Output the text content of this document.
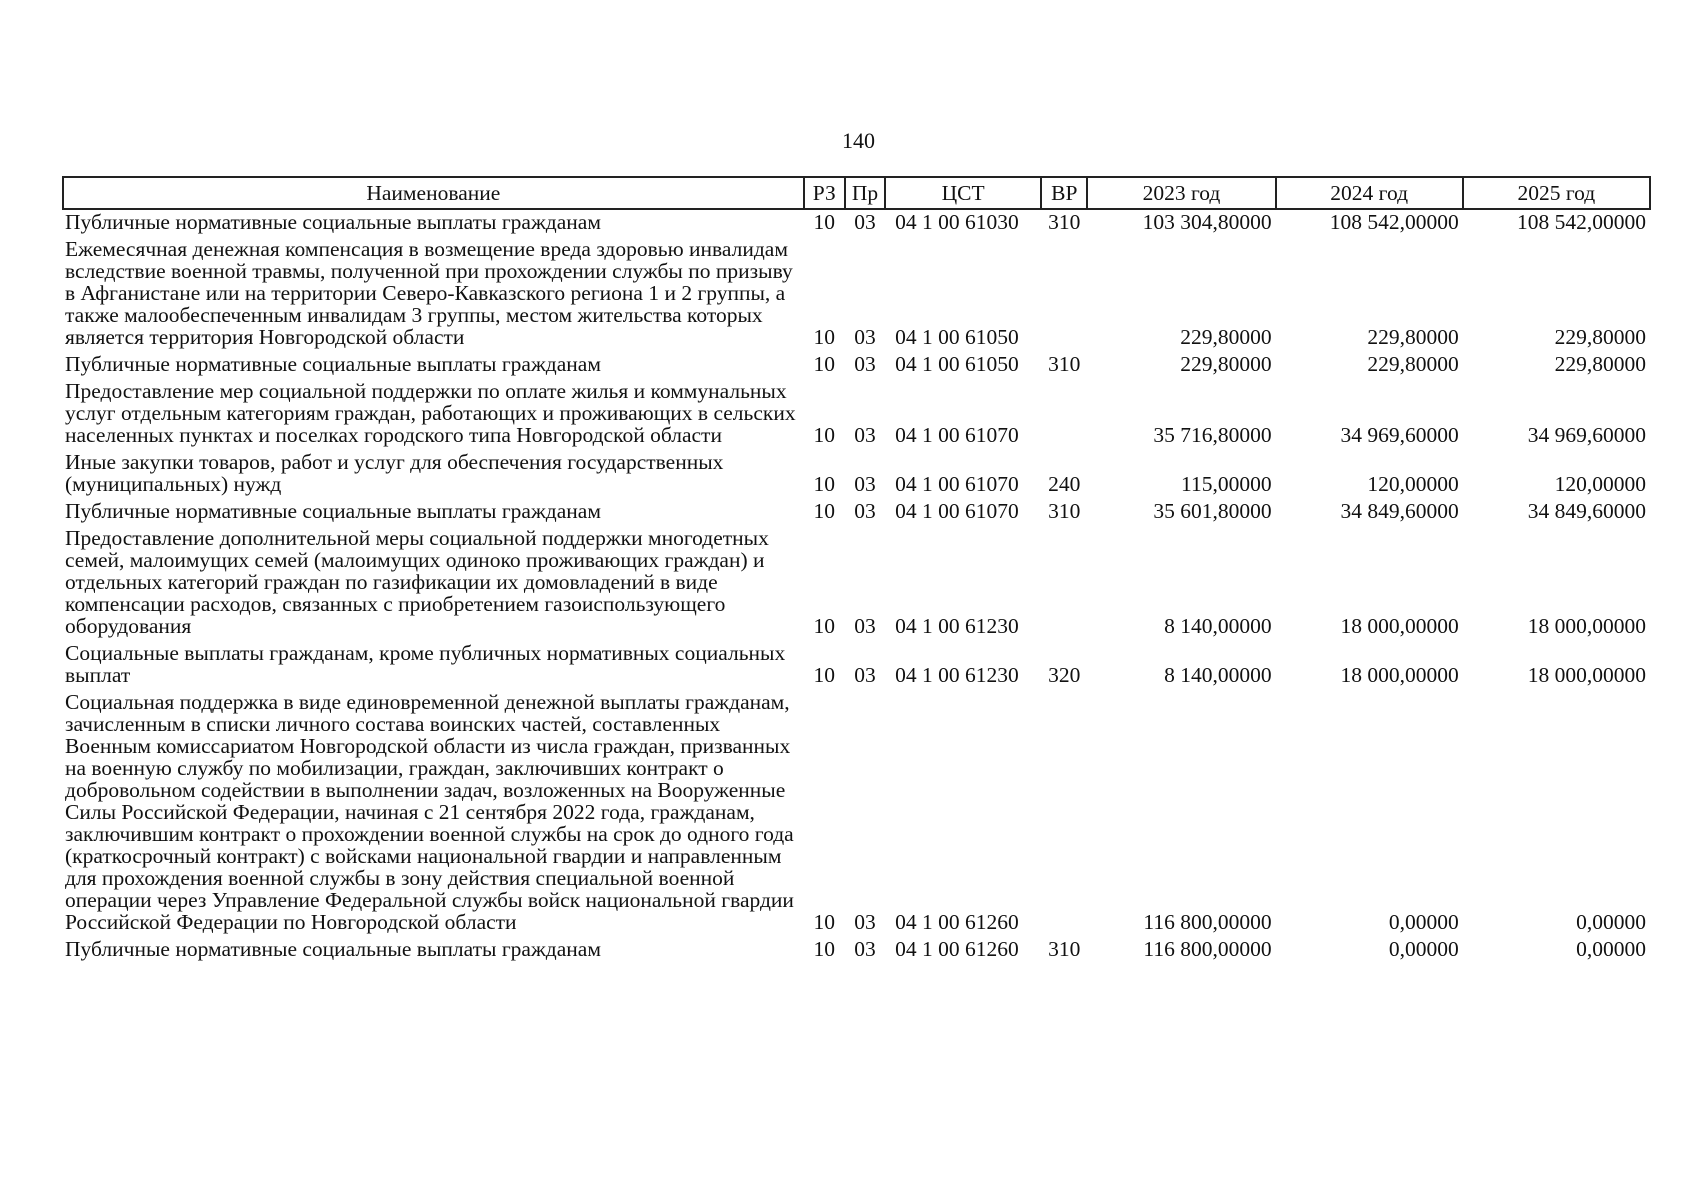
140
Наименование	РЗ	Пр	ЦСТ	ВР	2023 год	2024 год	2025 год
Публичные нормативные социальные выплаты гражданам	10	03	04 1 00 61030	310	103 304,80000	108 542,00000	108 542,00000
Ежемесячная денежная компенсация в возмещение вреда здоровью инвалидам вследствие военной травмы, полученной при прохождении службы по призыву в Афганистане или на территории Северо-Кавказского региона 1 и 2 группы, а также малообеспеченным инвалидам 3 группы, местом жительства которых является территория Новгородской области	10	03	04 1 00 61050		229,80000	229,80000	229,80000
Публичные нормативные социальные выплаты гражданам	10	03	04 1 00 61050	310	229,80000	229,80000	229,80000
Предоставление мер социальной поддержки по оплате жилья и коммунальных услуг отдельным категориям граждан, работающих и проживающих в сельских населенных пунктах и поселках городского типа Новгородской области	10	03	04 1 00 61070		35 716,80000	34 969,60000	34 969,60000
Иные закупки товаров, работ и услуг для обеспечения государственных (муниципальных) нужд	10	03	04 1 00 61070	240	115,00000	120,00000	120,00000
Публичные нормативные социальные выплаты гражданам	10	03	04 1 00 61070	310	35 601,80000	34 849,60000	34 849,60000
Предоставление дополнительной меры социальной поддержки многодетных семей, малоимущих семей (малоимущих одиноко проживающих граждан) и отдельных категорий граждан по газификации их домовладений в виде компенсации расходов, связанных с приобретением газоиспользующего оборудования	10	03	04 1 00 61230		8 140,00000	18 000,00000	18 000,00000
Социальные выплаты гражданам, кроме публичных нормативных социальных выплат	10	03	04 1 00 61230	320	8 140,00000	18 000,00000	18 000,00000
Социальная поддержка в виде единовременной денежной выплаты гражданам, зачисленным в списки личного состава воинских частей, составленных Военным комиссариатом Новгородской области из числа граждан, призванных на военную службу по мобилизации, граждан, заключивших контракт о добровольном содействии в выполнении задач, возложенных на Вооруженные Силы Российской Федерации, начиная с 21 сентября 2022 года, гражданам, заключившим контракт о прохождении военной службы на срок до одного года (краткосрочный контракт) с войсками национальной гвардии и направленным для прохождения военной службы в зону действия специальной военной операции через Управление Федеральной службы войск национальной гвардии Российской Федерации по Новгородской области	10	03	04 1 00 61260		116 800,00000	0,00000	0,00000
Публичные нормативные социальные выплаты гражданам	10	03	04 1 00 61260	310	116 800,00000	0,00000	0,00000
